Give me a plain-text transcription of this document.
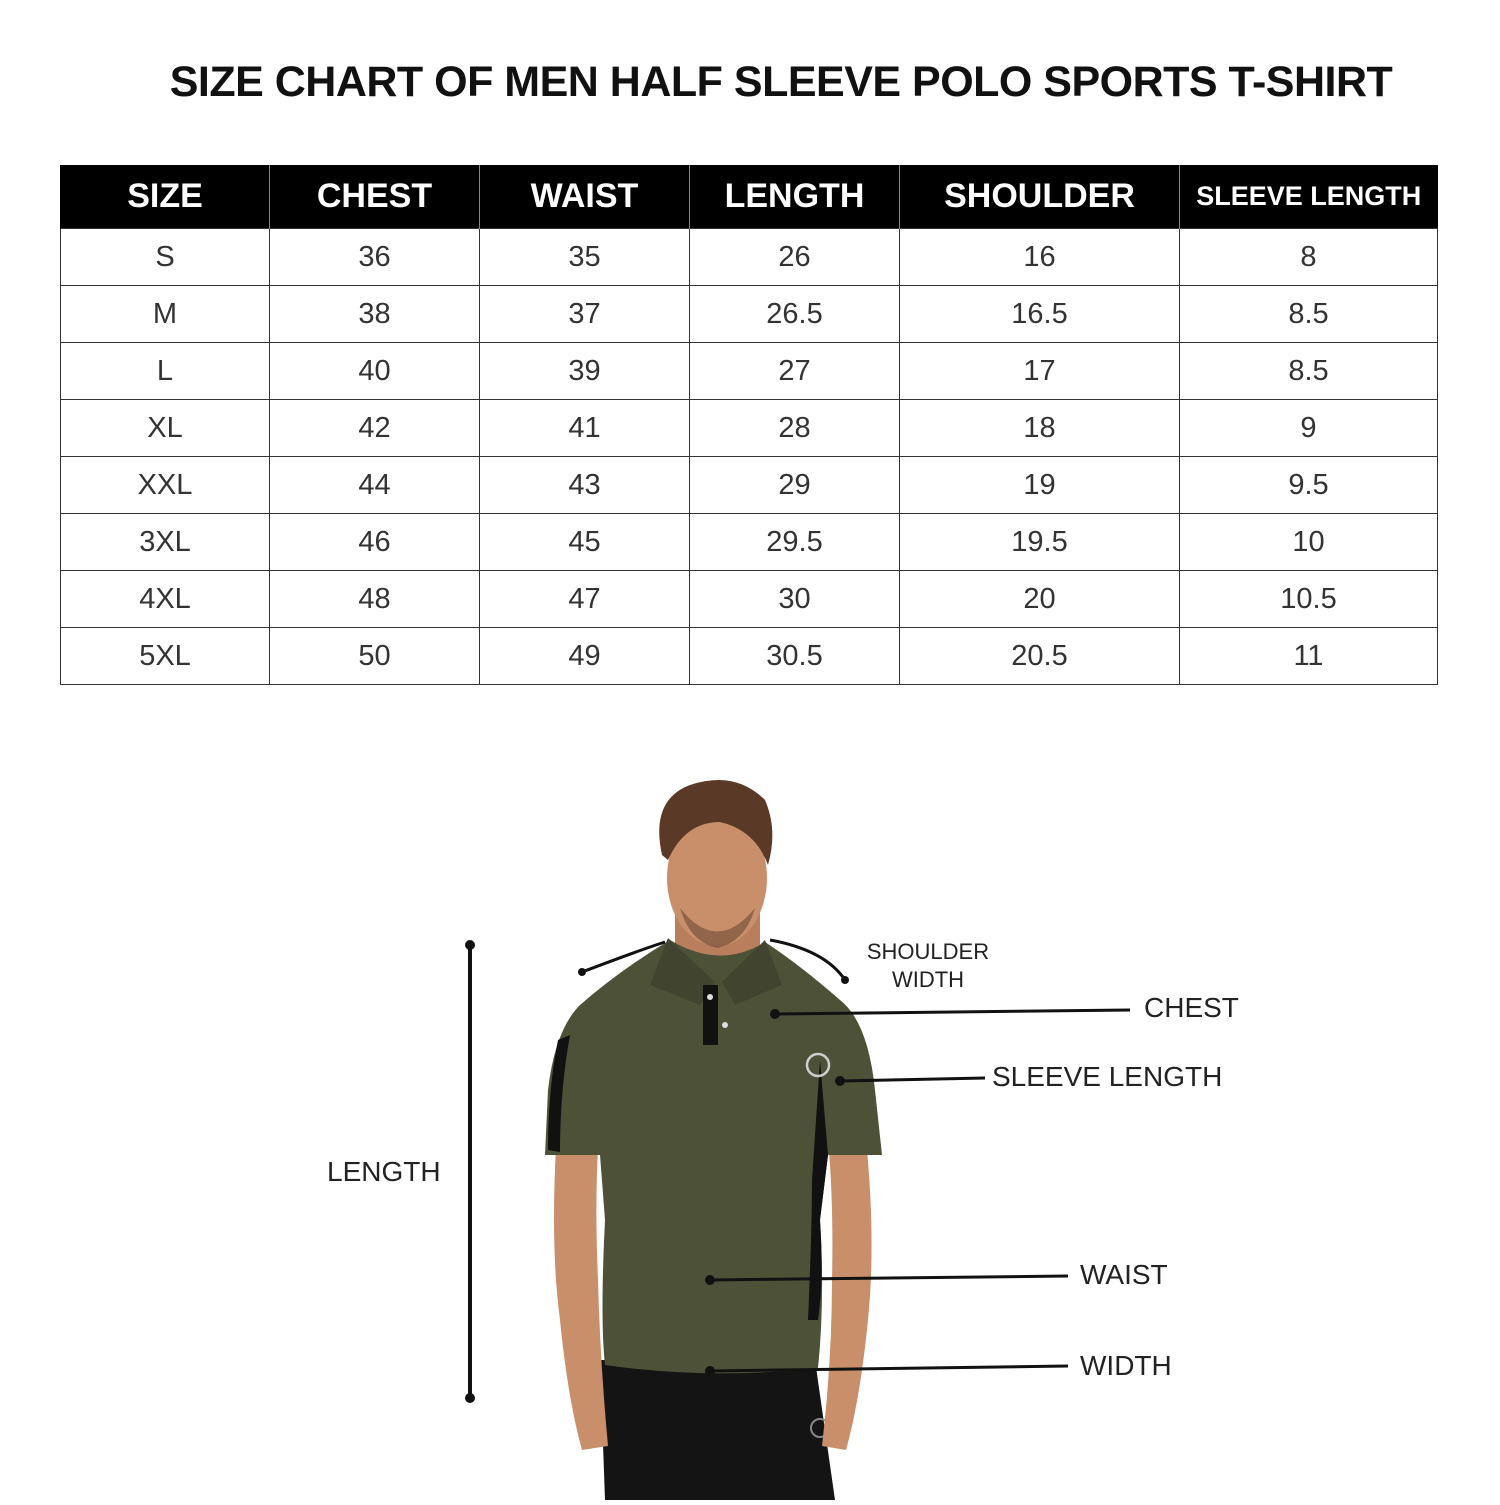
SIZE CHART OF MEN HALF SLEEVE POLO SPORTS T-SHIRT
SIZE	CHEST	WAIST	LENGTH	SHOULDER	SLEEVE LENGTH
S	36	35	26	16	8
M	38	37	26.5	16.5	8.5
L	40	39	27	17	8.5
XL	42	41	28	18	9
XXL	44	43	29	19	9.5
3XL	46	45	29.5	19.5	10
4XL	48	47	30	20	10.5
5XL	50	49	30.5	20.5	11
LENGTH
SHOULDER
WIDTH
CHEST
SLEEVE LENGTH
WAIST
WIDTH
